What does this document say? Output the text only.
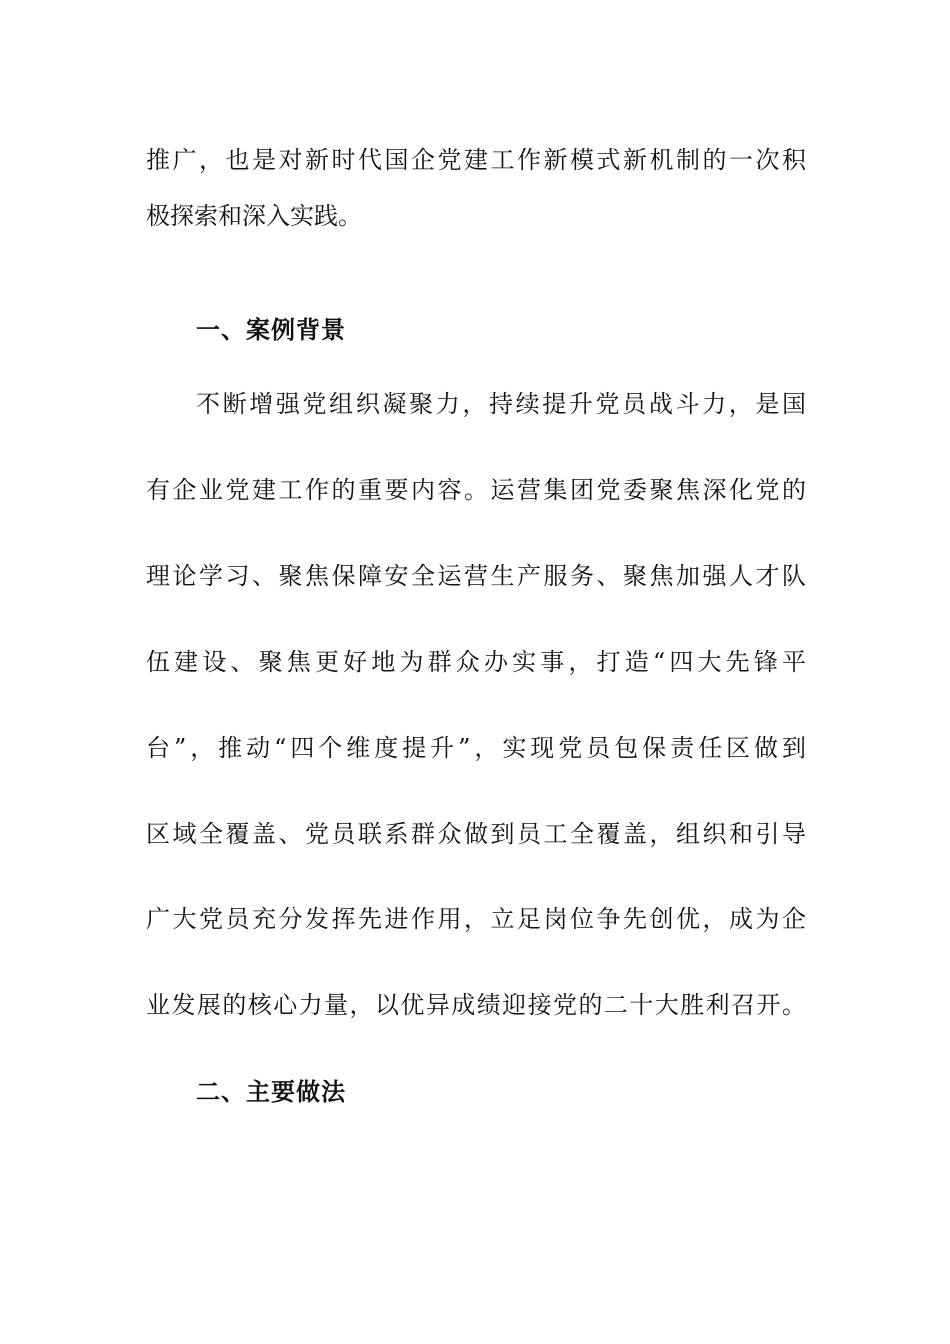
推广，也是对新时代国企党建工作新模式新机制的一次积
极探索和深入实践。
一、案例背景
不断增强党组织凝聚力，持续提升党员战斗力，是国
有企业党建工作的重要内容。运营集团党委聚焦深化党的
理论学习、聚焦保障安全运营生产服务、聚焦加强人才队
伍建设、聚焦更好地为群众办实事，打造“四大先锋平
台”，推动“四个维度提升”，实现党员包保责任区做到
区域全覆盖、党员联系群众做到员工全覆盖，组织和引导
广大党员充分发挥先进作用，立足岗位争先创优，成为企
业发展的核心力量，以优异成绩迎接党的二十大胜利召开。
二、主要做法
